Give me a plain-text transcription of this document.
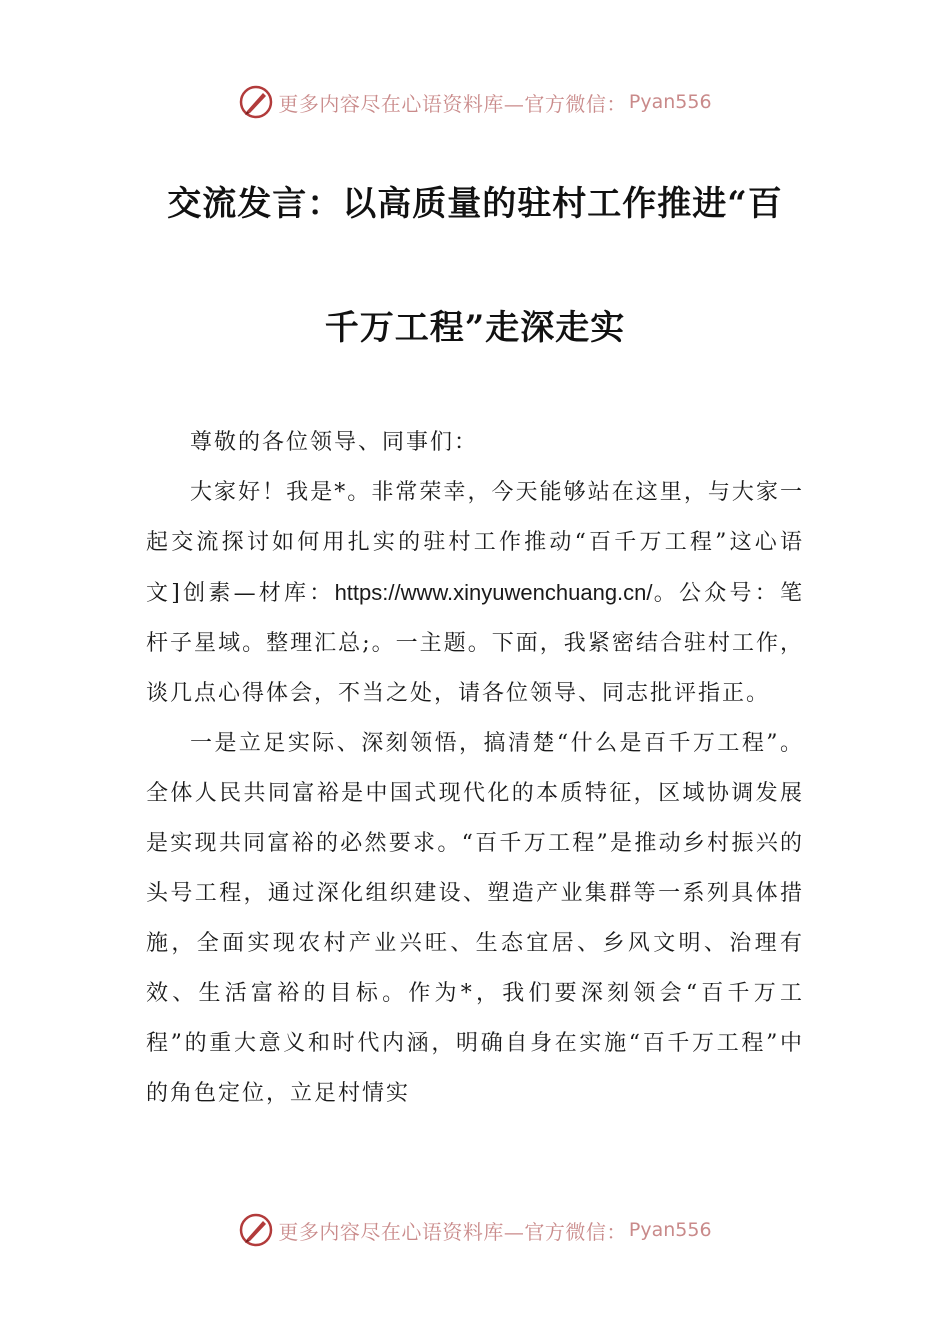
更多内容尽在心语资料库—官方微信： Pyan556
交流发言：以高质量的驻村工作推进“百
千万工程”走深走实

尊敬的各位领导、同事们：

大家好！我是*。非常荣幸，今天能够站在这里，与大家一起交流探讨如何用扎实的驻村工作推动“百千万工程”这心语文]创素—材库：https://www.xinyuwenchuang.cn/。公众号：笔杆子星域。整理汇总;。一主题。下面，我紧密结合驻村工作，谈几点心得体会，不当之处，请各位领导、同志批评指正。

一是立足实际、深刻领悟，搞清楚“什么是百千万工程”。全体人民共同富裕是中国式现代化的本质特征，区域协调发展是实现共同富裕的必然要求。“百千万工程”是推动乡村振兴的头号工程，通过深化组织建设、塑造产业集群等一系列具体措施，全面实现农村产业兴旺、生态宜居、乡风文明、治理有效、生活富裕的目标。作为*，我们要深刻领会“百千万工程”的重大意义和时代内涵，明确自身在实施“百千万工程”中的角色定位，立足村情实

更多内容尽在心语资料库—官方微信： Pyan556
